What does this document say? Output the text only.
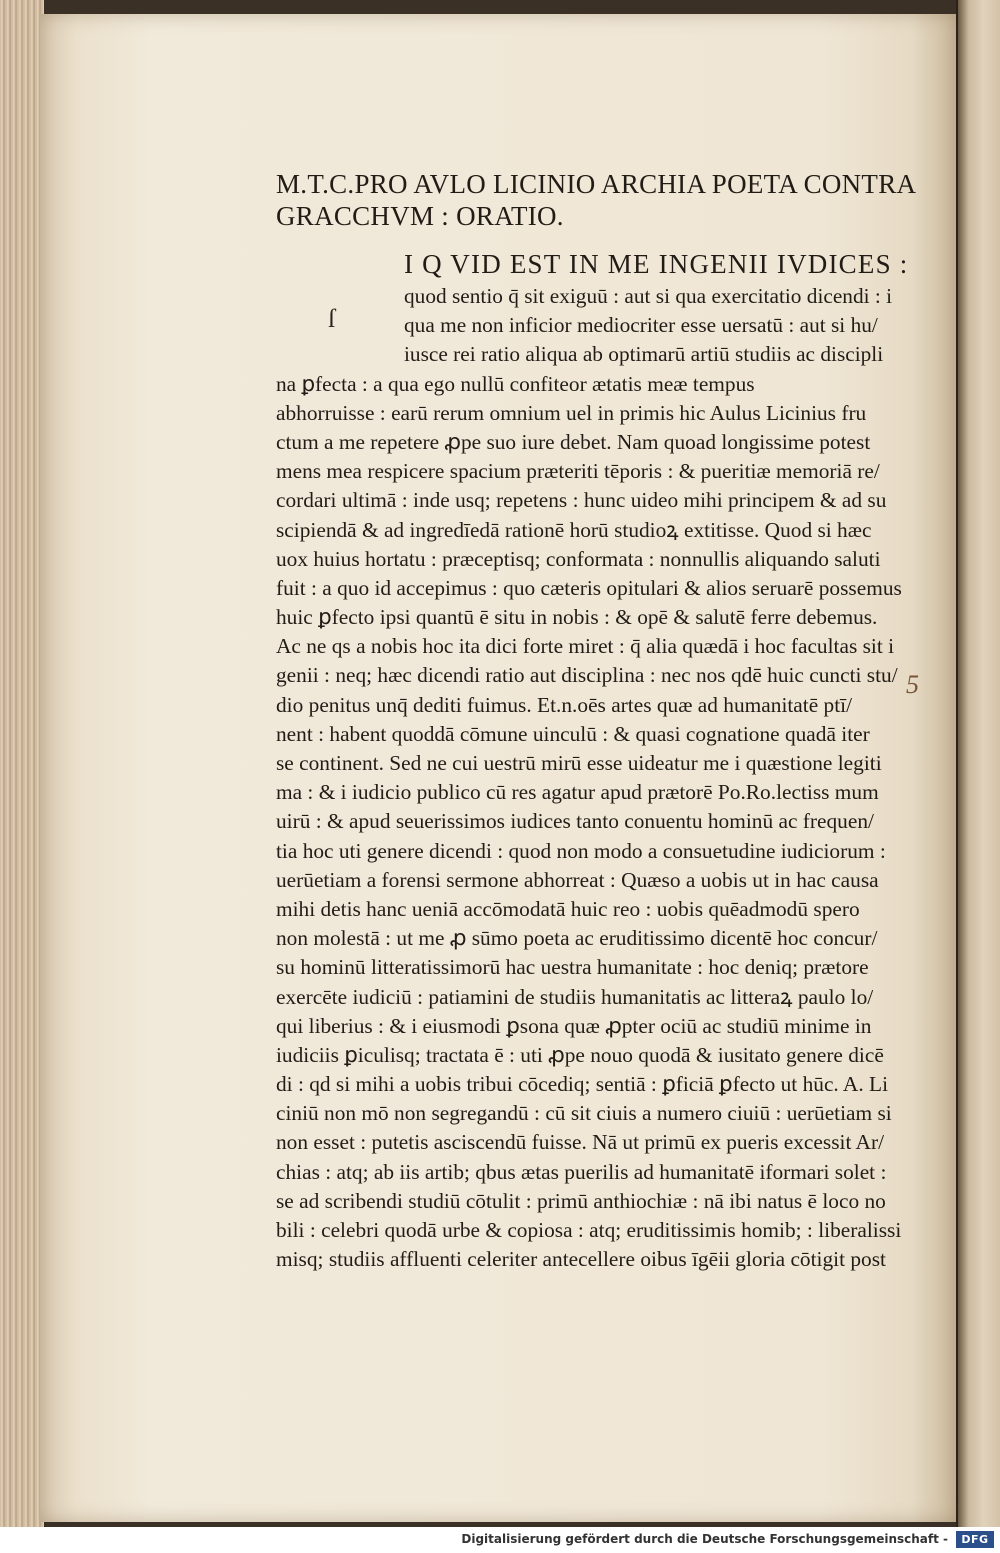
M.T.C.PRO AVLO LICINIO ARCHIA POETA CONTRA
GRACCHVM : ORATIO.
I Q VID EST IN ME INGENII IVDICES :
quod sentio q̄ sit exiguū : aut si qua exercitatio dicendi : i
qua me non inficior mediocriter esse uersatū : aut si hu/
iusce rei ratio aliqua ab optimarū artiū studiis ac discipli
na ꝑfecta : a qua ego nullū confiteor ætatis meæ tempus
abhorruisse : earū rerum omnium uel in primis hic Aulus Licinius fru
ctum a me repetere ꝓpe suo iure debet. Nam quoad longissime potest
mens mea respicere spacium præteriti tēporis : & pueritiæ memoriā re/
cordari ultimā : inde usq; repetens : hunc uideo mihi principem & ad su
scipiendā & ad ingredīedā rationē horū studioꝝ extitisse. Quod si hæc
uox huius hortatu : præceptisq; conformata : nonnullis aliquando saluti
fuit : a quo id accepimus : quo cæteris opitulari & alios seruarē possemus
huic ꝑfecto ipsi quantū ē situ in nobis : & opē & salutē ferre debemus.
Ac ne qs a nobis hoc ita dici forte miret : q̄ alia quædā i hoc facultas sit i
genii : neq; hæc dicendi ratio aut disciplina : nec nos qdē huic cuncti stu/
dio penitus unq̄ dediti fuimus. Et.n.oēs artes quæ ad humanitatē ptī/
nent : habent quoddā cōmune uinculū : & quasi cognatione quadā iter
se continent. Sed ne cui uestrū mirū esse uideatur me i quæstione legiti
ma : & i iudicio publico cū res agatur apud prætorē Po.Ro.lectiss mum
uirū : & apud seuerissimos iudices tanto conuentu hominū ac frequen/
tia hoc uti genere dicendi : quod non modo a consuetudine iudiciorum :
uerūetiam a forensi sermone abhorreat : Quæso a uobis ut in hac causa
mihi detis hanc ueniā accōmodatā huic reo : uobis quēadmodū spero
non molestā : ut me ꝓ sūmo poeta ac eruditissimo dicentē hoc concur/
su hominū litteratissimorū hac uestra humanitate : hoc deniq; prætore
exercēte iudiciū : patiamini de studiis humanitatis ac litteraꝝ paulo lo/
qui liberius : & i eiusmodi ꝑsona quæ ꝓpter ociū ac studiū minime in
iudiciis ꝑiculisq; tractata ē : uti ꝓpe nouo quodā & iusitato genere dicē
di : qd si mihi a uobis tribui cōcediq; sentiā : ꝑficiā ꝑfecto ut hūc. A. Li
ciniū non mō non segregandū : cū sit ciuis a numero ciuiū : uerūetiam si
non esset : putetis asciscendū fuisse. Nā ut primū ex pueris excessit Ar/
chias : atq; ab iis artib; qbus ætas puerilis ad humanitatē iformari solet :
se ad scribendi studiū cōtulit : primū anthiochiæ : nā ibi natus ē loco no
bili : celebri quodā urbe & copiosa : atq; eruditissimis homib; : liberalissi
misq; studiis affluenti celeriter antecellere oibus īgēii gloria cōtigit post
ſ
5
Digitalisierung gefördert durch die Deutsche Forschungsgemeinschaft -	DFG
